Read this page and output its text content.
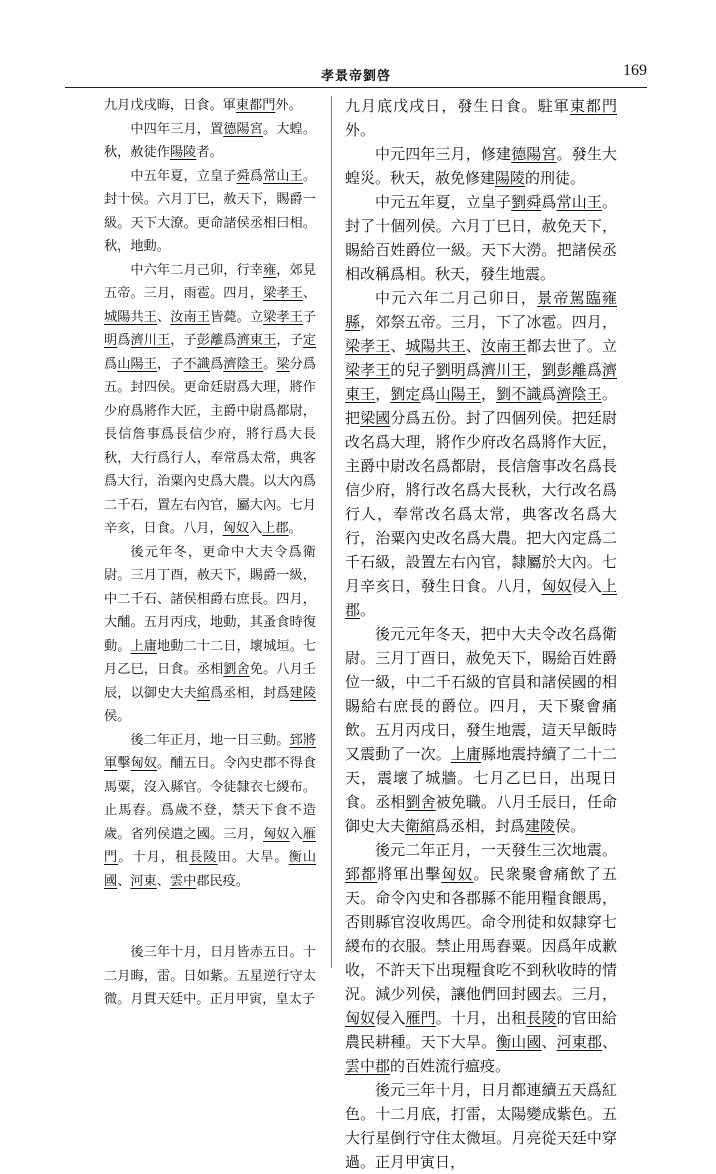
孝景帝劉啓	169

九月戊戌晦，日食。軍東都門外。

中四年三月，置德陽宮。大蝗。秋，赦徒作陽陵者。

中五年夏，立皇子舜爲常山王。封十侯。六月丁巳，赦天下，賜爵一級。天下大潦。更命諸侯丞相曰相。秋，地動。

中六年二月己卯，行幸雍，郊見五帝。三月，雨雹。四月，梁孝王、城陽共王、汝南王皆薨。立梁孝王子明爲濟川王，子彭離爲濟東王，子定爲山陽王，子不識爲濟陰王。梁分爲五。封四侯。更命廷尉爲大理，將作少府爲將作大匠，主爵中尉爲都尉，長信詹事爲長信少府，將行爲大長秋，大行爲行人，奉常爲太常，典客爲大行，治粟內史爲大農。以大內爲二千石，置左右內官，屬大內。七月辛亥，日食。八月，匈奴入上郡。

後元年冬，更命中大夫令爲衛尉。三月丁酉，赦天下，賜爵一級，中二千石、諸侯相爵右庶長。四月，大酺。五月丙戌，地動，其蚤食時復動。上庸地動二十二日，壞城垣。七月乙巳，日食。丞相劉舍免。八月壬辰，以御史大夫綰爲丞相，封爲建陵侯。

後二年正月，地一日三動。郅將軍擊匈奴。酺五日。令內史郡不得食馬粟，沒入縣官。令徒隸衣七緵布。止馬舂。爲歲不登，禁天下食不造歲。省列侯遣之國。三月，匈奴入雁門。十月，租長陵田。大旱。衡山國、河東、雲中郡民疫。

後三年十月，日月皆赤五日。十二月晦，雷。日如紫。五星逆行守太微。月貫天廷中。正月甲寅，皇太子

九月底戊戌日，發生日食。駐軍東都門外。

中元四年三月，修建德陽宮。發生大蝗災。秋天，赦免修建陽陵的刑徒。

中元五年夏，立皇子劉舜爲常山王。封了十個列侯。六月丁巳日，赦免天下，賜給百姓爵位一級。天下大澇。把諸侯丞相改稱爲相。秋天，發生地震。

中元六年二月己卯日，景帝駕臨雍縣，郊祭五帝。三月，下了冰雹。四月，梁孝王、城陽共王、汝南王都去世了。立梁孝王的兒子劉明爲濟川王，劉彭離爲濟東王，劉定爲山陽王，劉不識爲濟陰王。把梁國分爲五份。封了四個列侯。把廷尉改名爲大理，將作少府改名爲將作大匠，主爵中尉改名爲都尉，長信詹事改名爲長信少府，將行改名爲大長秋，大行改名爲行人，奉常改名爲太常，典客改名爲大行，治粟內史改名爲大農。把大內定爲二千石級，設置左右內官，隸屬於大內。七月辛亥日，發生日食。八月，匈奴侵入上郡。

後元元年冬天，把中大夫令改名爲衛尉。三月丁酉日，赦免天下，賜給百姓爵位一級，中二千石級的官員和諸侯國的相賜給右庶長的爵位。四月，天下聚會痛飲。五月丙戌日，發生地震，這天早飯時又震動了一次。上庸縣地震持續了二十二天，震壞了城牆。七月乙巳日，出現日食。丞相劉舍被免職。八月壬辰日，任命御史大夫衛綰爲丞相，封爲建陵侯。

後元二年正月，一天發生三次地震。郅都將軍出擊匈奴。民衆聚會痛飲了五天。命令內史和各郡縣不能用糧食餵馬，否則縣官沒收馬匹。命令刑徒和奴隸穿七緵布的衣服。禁止用馬舂粟。因爲年成歉收，不許天下出現糧食吃不到秋收時的情況。減少列侯，讓他們回封國去。三月，匈奴侵入雁門。十月，出租長陵的官田給農民耕種。天下大旱。衡山國、河東郡、雲中郡的百姓流行瘟疫。

後元三年十月，日月都連續五天爲紅色。十二月底，打雷，太陽變成紫色。五大行星倒行守住太微垣。月亮從天廷中穿過。正月甲寅日，
